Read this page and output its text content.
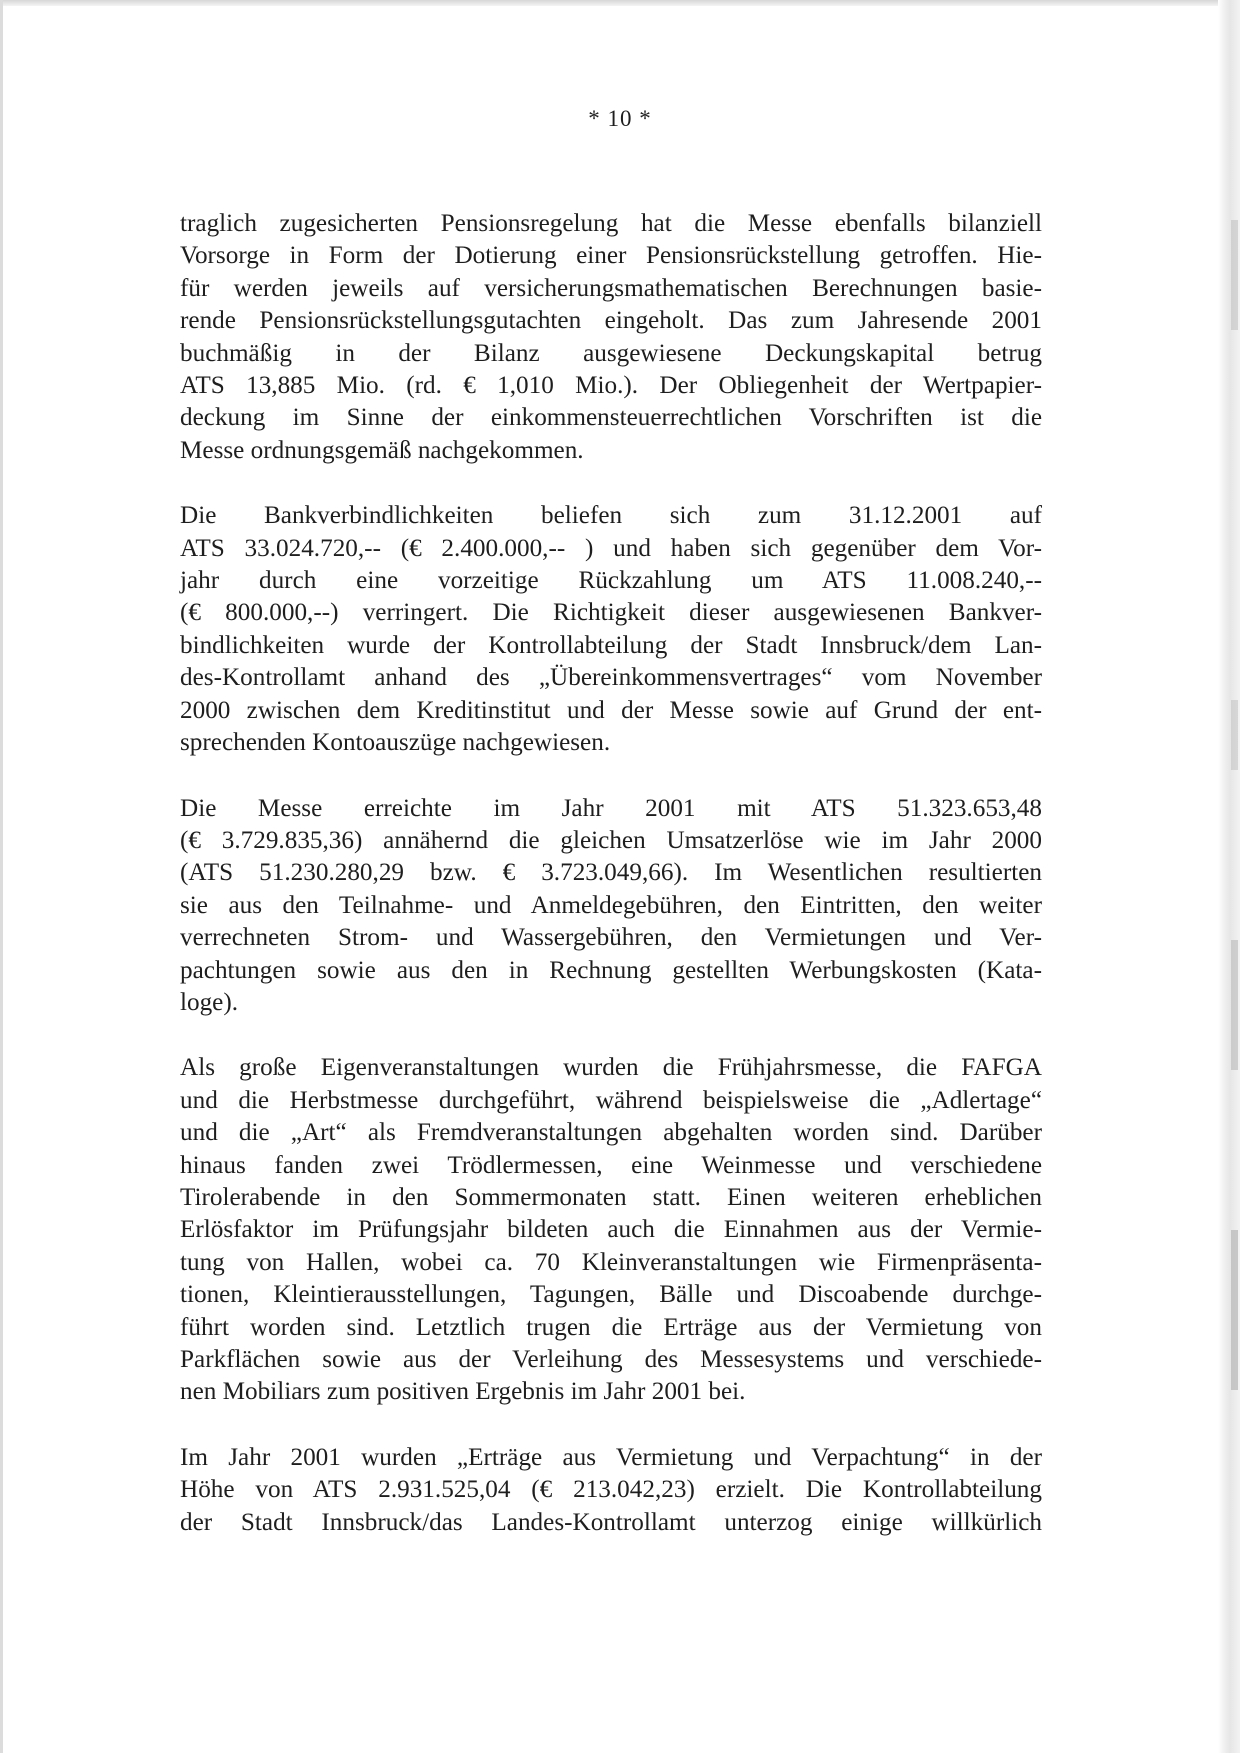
* 10 *

traglich zugesicherten Pensionsregelung hat die Messe ebenfalls bilanziell
Vorsorge in Form der Dotierung einer Pensionsrückstellung getroffen. Hie-
für werden jeweils auf versicherungsmathematischen Berechnungen basie-
rende Pensionsrückstellungsgutachten eingeholt. Das zum Jahresende 2001
buchmäßig in der Bilanz ausgewiesene Deckungskapital betrug
ATS 13,885 Mio. (rd. € 1,010 Mio.). Der Obliegenheit der Wertpapier-
deckung im Sinne der einkommensteuerrechtlichen Vorschriften ist die
Messe ordnungsgemäß nachgekommen.

Die Bankverbindlichkeiten beliefen sich zum 31.12.2001 auf
ATS 33.024.720,-- (€ 2.400.000,-- ) und haben sich gegenüber dem Vor-
jahr durch eine vorzeitige Rückzahlung um ATS 11.008.240,--
(€ 800.000,--) verringert. Die Richtigkeit dieser ausgewiesenen Bankver-
bindlichkeiten wurde der Kontrollabteilung der Stadt Innsbruck/dem Lan-
des-Kontrollamt anhand des „Übereinkommensvertrages“ vom November
2000 zwischen dem Kreditinstitut und der Messe sowie auf Grund der ent-
sprechenden Kontoauszüge nachgewiesen.

Die Messe erreichte im Jahr 2001 mit ATS 51.323.653,48
(€ 3.729.835,36) annähernd die gleichen Umsatzerlöse wie im Jahr 2000
(ATS 51.230.280,29 bzw. € 3.723.049,66). Im Wesentlichen resultierten
sie aus den Teilnahme- und Anmeldegebühren, den Eintritten, den weiter
verrechneten Strom- und Wassergebühren, den Vermietungen und Ver-
pachtungen sowie aus den in Rechnung gestellten Werbungskosten (Kata-
loge).

Als große Eigenveranstaltungen wurden die Frühjahrsmesse, die FAFGA
und die Herbstmesse durchgeführt, während beispielsweise die „Adlertage“
und die „Art“ als Fremdveranstaltungen abgehalten worden sind. Darüber
hinaus fanden zwei Trödlermessen, eine Weinmesse und verschiedene
Tirolerabende in den Sommermonaten statt. Einen weiteren erheblichen
Erlösfaktor im Prüfungsjahr bildeten auch die Einnahmen aus der Vermie-
tung von Hallen, wobei ca. 70 Kleinveranstaltungen wie Firmenpräsenta-
tionen, Kleintierausstellungen, Tagungen, Bälle und Discoabende durchge-
führt worden sind. Letztlich trugen die Erträge aus der Vermietung von
Parkflächen sowie aus der Verleihung des Messesystems und verschiede-
nen Mobiliars zum positiven Ergebnis im Jahr 2001 bei.

Im Jahr 2001 wurden „Erträge aus Vermietung und Verpachtung“ in der
Höhe von ATS 2.931.525,04 (€ 213.042,23) erzielt. Die Kontrollabteilung
der Stadt Innsbruck/das Landes-Kontrollamt unterzog einige willkürlich
